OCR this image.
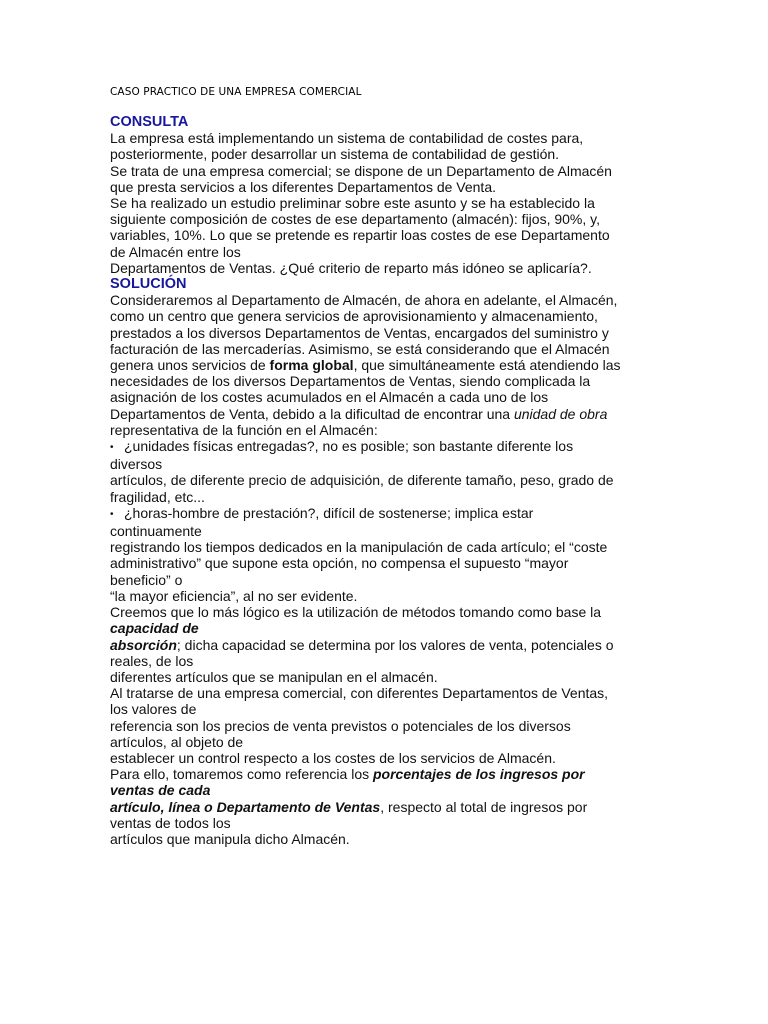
CASO PRACTICO DE UNA EMPRESA COMERCIAL
CONSULTA
La empresa está implementando un sistema de contabilidad de costes para,
posteriormente, poder desarrollar un sistema de contabilidad de gestión.
Se trata de una empresa comercial; se dispone de un Departamento de Almacén
que presta servicios a los diferentes Departamentos de Venta.
Se ha realizado un estudio preliminar sobre este asunto y se ha establecido la
siguiente composición de costes de ese departamento (almacén): fijos, 90%, y,
variables, 10%. Lo que se pretende es repartir loas costes de ese Departamento
de Almacén entre los
Departamentos de Ventas. ¿Qué criterio de reparto más idóneo se aplicaría?.
SOLUCIÓN
Consideraremos al Departamento de Almacén, de ahora en adelante, el Almacén,
como un centro que genera servicios de aprovisionamiento y almacenamiento,
prestados a los diversos Departamentos de Ventas, encargados del suministro y
facturación de las mercaderías. Asimismo, se está considerando que el Almacén
genera unos servicios de forma global, que simultáneamente está atendiendo las
necesidades de los diversos Departamentos de Ventas, siendo complicada la
asignación de los costes acumulados en el Almacén a cada uno de los
Departamentos de Venta, debido a la dificultad de encontrar una unidad de obra
representativa de la función en el Almacén:
• ¿unidades físicas entregadas?, no es posible; son bastante diferente los
diversos
artículos, de diferente precio de adquisición, de diferente tamaño, peso, grado de
fragilidad, etc...
• ¿horas-hombre de prestación?, difícil de sostenerse; implica estar
continuamente
registrando los tiempos dedicados en la manipulación de cada artículo; el “coste
administrativo” que supone esta opción, no compensa el supuesto “mayor
beneficio” o
“la mayor eficiencia”, al no ser evidente.
Creemos que lo más lógico es la utilización de métodos tomando como base la
capacidad de
absorción; dicha capacidad se determina por los valores de venta, potenciales o
reales, de los
diferentes artículos que se manipulan en el almacén.
Al tratarse de una empresa comercial, con diferentes Departamentos de Ventas,
los valores de
referencia son los precios de venta previstos o potenciales de los diversos
artículos, al objeto de
establecer un control respecto a los costes de los servicios de Almacén.
Para ello, tomaremos como referencia los porcentajes de los ingresos por
ventas de cada
artículo, línea o Departamento de Ventas, respecto al total de ingresos por
ventas de todos los
artículos que manipula dicho Almacén.
